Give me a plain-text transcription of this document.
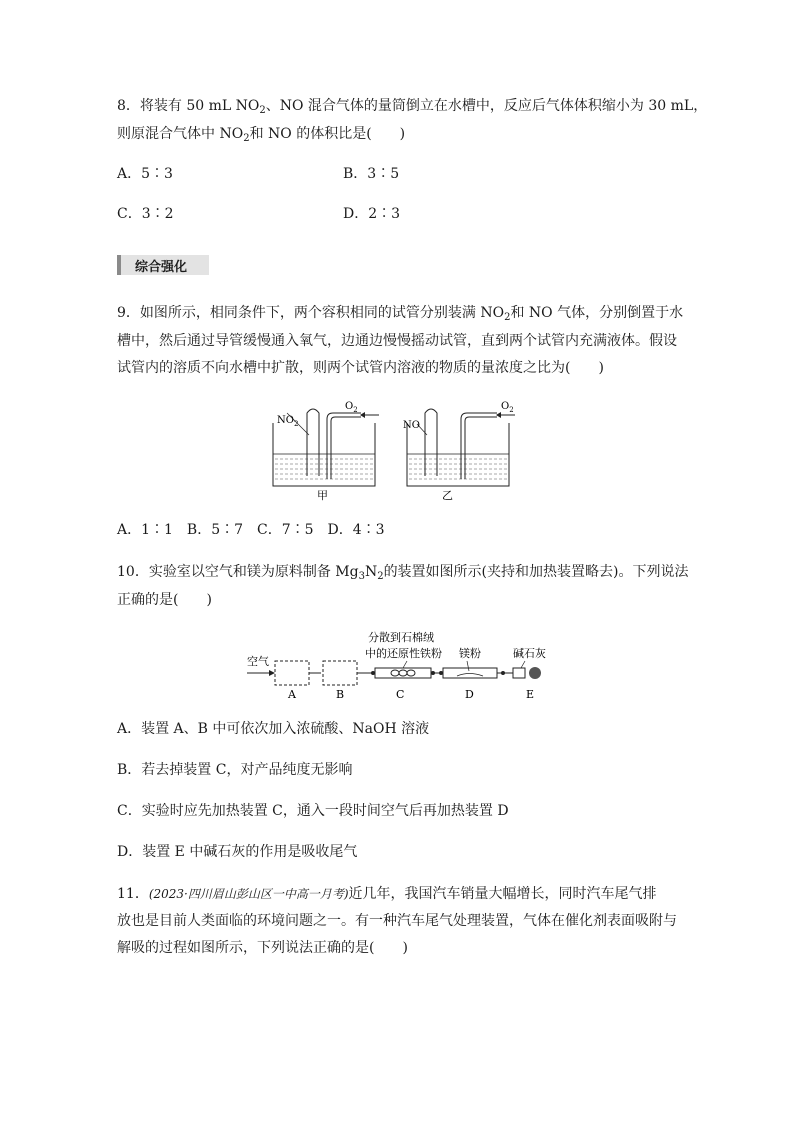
8．将装有 50 mL $NO_2$、NO 混合气体的量筒倒立在水槽中，反应后气体体积缩小为 30 mL，
则原混合气体中 $NO_2$和 NO 的体积比是(　　)
A．5∶3	B．3∶5
C．3∶2	D．2∶3
综合强化
9．如图所示，相同条件下，两个容积相同的试管分别装满 $NO_2$和 NO 气体，分别倒置于水
槽中，然后通过导管缓慢通入氧气，边通边慢慢摇动试管，直到两个试管内充满液体。假设
试管内的溶质不向水槽中扩散，则两个试管内溶液的物质的量浓度之比为(　　)
$NO_2$	NO
$O_2$	$O_2$
甲	乙
A．1∶1　B．5∶7　C．7∶5　D．4∶3
10．实验室以空气和镁为原料制备 $Mg_3N_2$的装置如图所示(夹持和加热装置略去)。下列说法
正确的是(　　)
分散到石棉绒
中的还原性铁粉 镁粉	碱石灰
空气
A	B	C	D	E
A．装置 A、B 中可依次加入浓硫酸、NaOH 溶液
B．若去掉装置 C，对产品纯度无影响
C．实验时应先加热装置 C，通入一段时间空气后再加热装置 D
D．装置 E 中碱石灰的作用是吸收尾气
11．(2023·四川眉山彭山区一中高一月考)近几年，我国汽车销量大幅增长，同时汽车尾气排
放也是目前人类面临的环境问题之一。有一种汽车尾气处理装置，气体在催化剂表面吸附与
解吸的过程如图所示，下列说法正确的是(　　)
